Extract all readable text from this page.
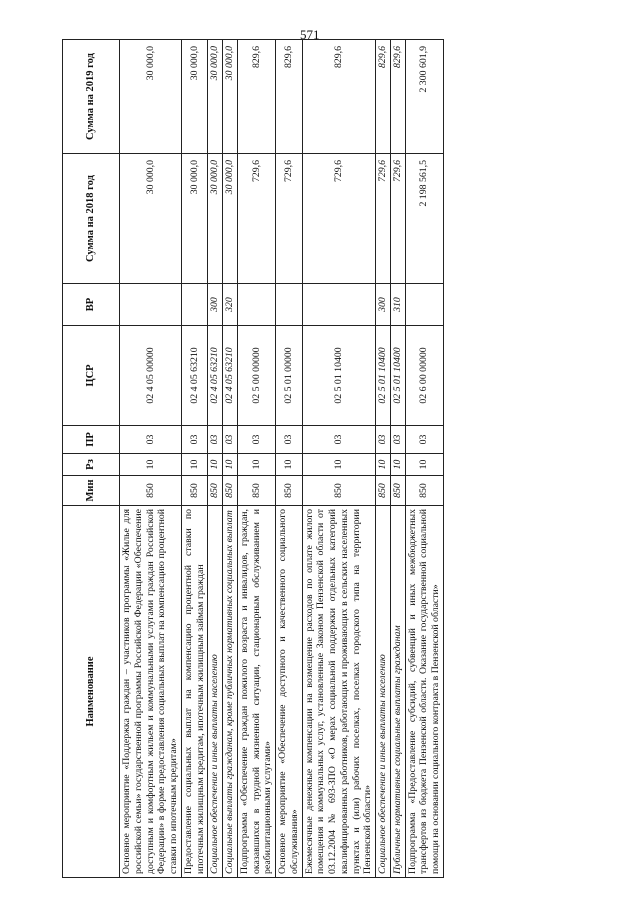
Наименование	Мин	Рз	ПР	ЦСР	ВР	Сумма на 2018 год	Сумма на 2019 год
Основное мероприятие «Поддержка граждан – участников программы «Жилье для российской семьи» государственной программы Российской Федерации «Обеспечение доступным и комфортным жильем и коммунальными услугами граждан Российской Федерации» в форме предоставления социальных выплат на компенсацию процентной ставки по ипотечным кредитам»	850	10	03	02 4 05 00000		30 000,0	30 000,0
Предоставление социальных выплат на компенсацию процентной ставки по ипотечным жилищным кредитам, ипотечным жилищным займам граждан	850	10	03	02 4 05 63210		30 000,0	30 000,0
Социальное обеспечение и иные выплаты населению	850	10	03	02 4 05 63210	300	30 000,0	30 000,0
Социальные выплаты гражданам, кроме публичных нормативных социальных выплат	850	10	03	02 4 05 63210	320	30 000,0	30 000,0
Подпрограмма «Обеспечение граждан пожилого возраста и инвалидов, граждан, оказавшихся в трудной жизненной ситуации, стационарным обслуживанием и реабилитационными услугами»	850	10	03	02 5 00 00000		729,6	829,6
Основное мероприятие «Обеспечение доступного и качественного социального обслуживания»	850	10	03	02 5 01 00000		729,6	829,6
Ежемесячные денежные компенсации на возмещение расходов по оплате жилого помещения и коммунальных услуг, установленные Законом Пензенской области от 03.12.2004 № 693-ЗПО «О мерах социальной поддержки отдельных категорий квалифицированных работников, работающих и проживающих в сельских населенных пунктах и (или) рабочих поселках, поселках городского типа на территории Пензенской области»	850	10	03	02 5 01 10400		729,6	829,6
Социальное обеспечение и иные выплаты населению	850	10	03	02 5 01 10400	300	729,6	829,6
Публичные нормативные социальные выплаты гражданам	850	10	03	02 5 01 10400	310	729,6	829,6
Подпрограмма «Предоставление субсидий, субвенций и иных межбюджетных трансфертов из бюджета Пензенской области. Оказание государственной социальной помощи на основании социального контракта в Пензенской области»	850	10	03	02 6 00 00000		2 198 561,5	2 300 601,9
571
